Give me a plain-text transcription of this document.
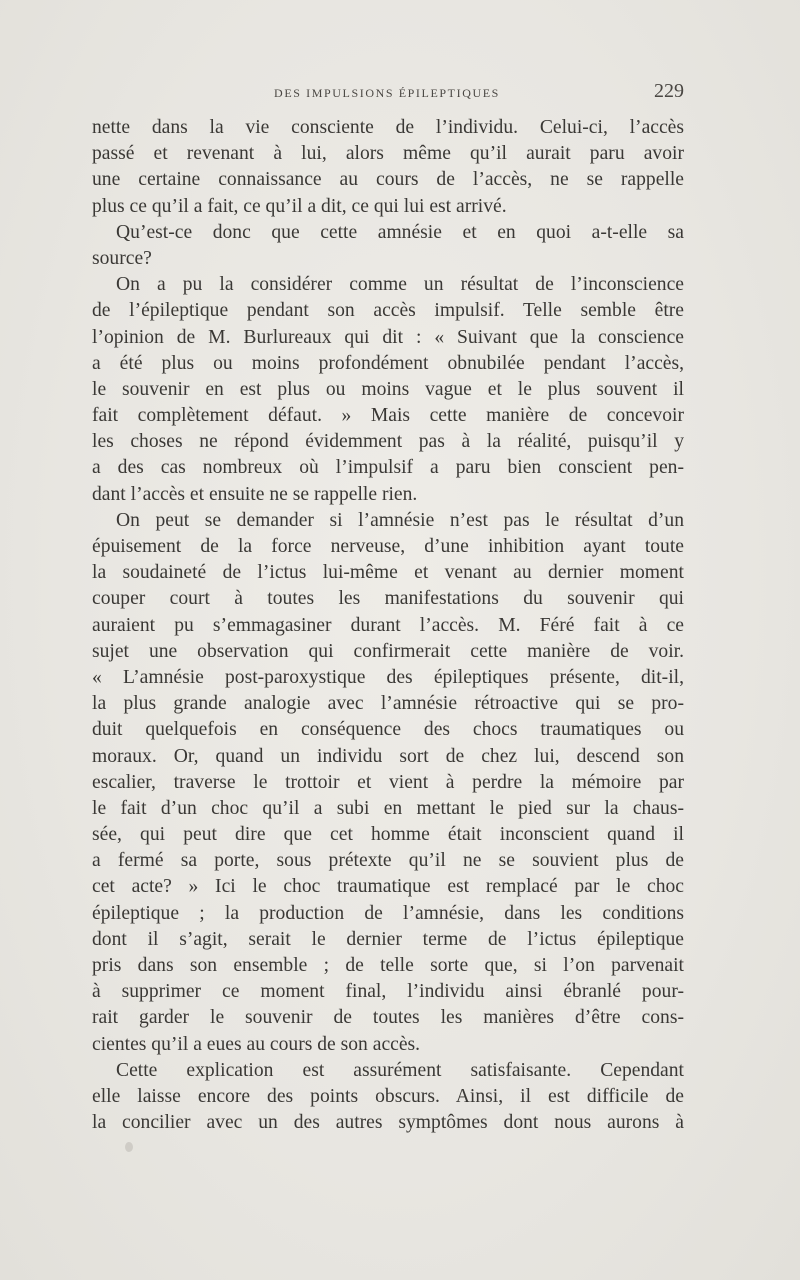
DES IMPULSIONS ÉPILEPTIQUES	229
nette dans la vie consciente de l’individu. Celui-ci, l’accès
passé et revenant à lui, alors même qu’il aurait paru avoir
une certaine connaissance au cours de l’accès, ne se rappelle
plus ce qu’il a fait, ce qu’il a dit, ce qui lui est arrivé.
Qu’est-ce donc que cette amnésie et en quoi a-t-elle sa
source?
On a pu la considérer comme un résultat de l’inconscience
de l’épileptique pendant son accès impulsif. Telle semble être
l’opinion de M. Burlureaux qui dit : « Suivant que la conscience
a été plus ou moins profondément obnubilée pendant l’accès,
le souvenir en est plus ou moins vague et le plus souvent il
fait complètement défaut. » Mais cette manière de concevoir
les choses ne répond évidemment pas à la réalité, puisqu’il y
a des cas nombreux où l’impulsif a paru bien conscient pen-
dant l’accès et ensuite ne se rappelle rien.
On peut se demander si l’amnésie n’est pas le résultat d’un
épuisement de la force nerveuse, d’une inhibition ayant toute
la soudaineté de l’ictus lui-même et venant au dernier moment
couper court à toutes les manifestations du souvenir qui
auraient pu s’emmagasiner durant l’accès. M. Féré fait à ce
sujet une observation qui confirmerait cette manière de voir.
« L’amnésie post-paroxystique des épileptiques présente, dit-il,
la plus grande analogie avec l’amnésie rétroactive qui se pro-
duit quelquefois en conséquence des chocs traumatiques ou
moraux. Or, quand un individu sort de chez lui, descend son
escalier, traverse le trottoir et vient à perdre la mémoire par
le fait d’un choc qu’il a subi en mettant le pied sur la chaus-
sée, qui peut dire que cet homme était inconscient quand il
a fermé sa porte, sous prétexte qu’il ne se souvient plus de
cet acte? » Ici le choc traumatique est remplacé par le choc
épileptique ; la production de l’amnésie, dans les conditions
dont il s’agit, serait le dernier terme de l’ictus épileptique
pris dans son ensemble ; de telle sorte que, si l’on parvenait
à supprimer ce moment final, l’individu ainsi ébranlé pour-
rait garder le souvenir de toutes les manières d’être cons-
cientes qu’il a eues au cours de son accès.
Cette explication est assurément satisfaisante. Cependant
elle laisse encore des points obscurs. Ainsi, il est difficile de
la concilier avec un des autres symptômes dont nous aurons à
